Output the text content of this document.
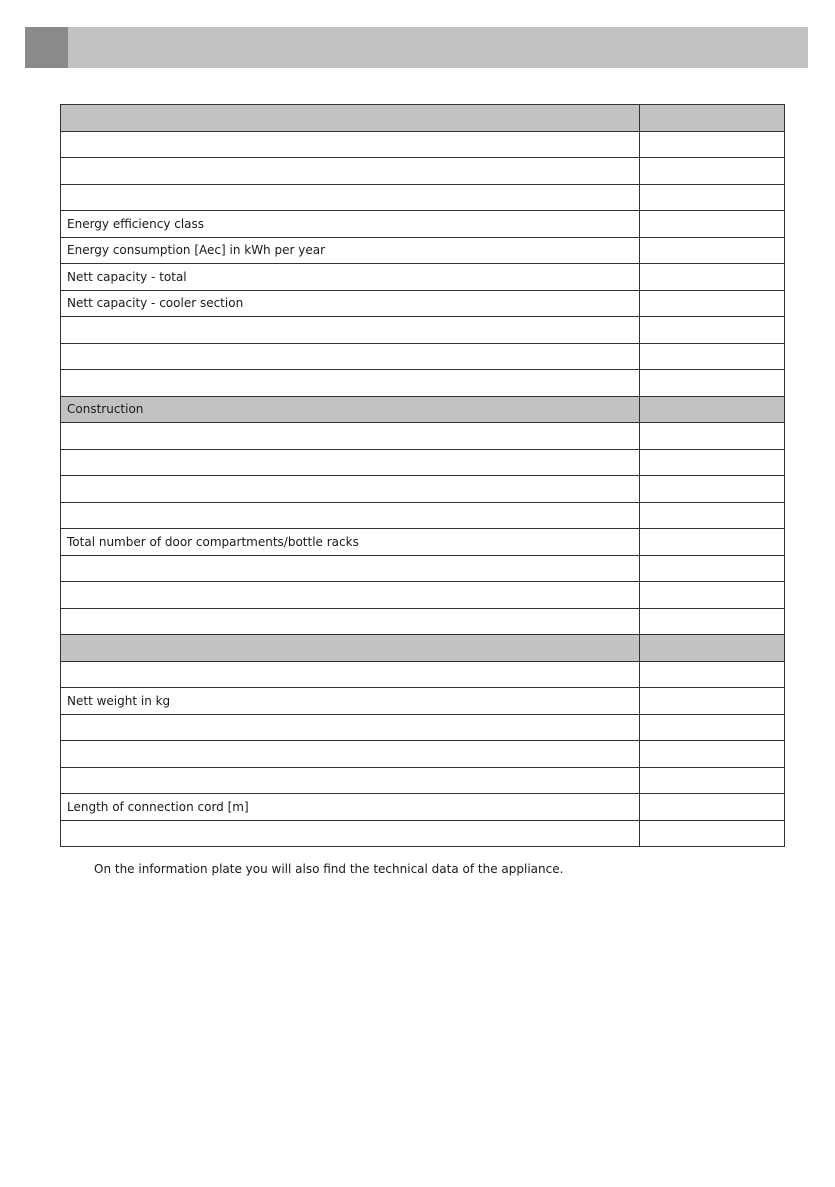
Energy efficiency class	
Energy consumption [Aec] in kWh per year	
Nett capacity - total	
Nett capacity - cooler section	

Construction	

Total number of door compartments/bottle racks	

Nett weight in kg	

Length of connection cord [m]	

On the information plate you will also find the technical data of the appliance.
